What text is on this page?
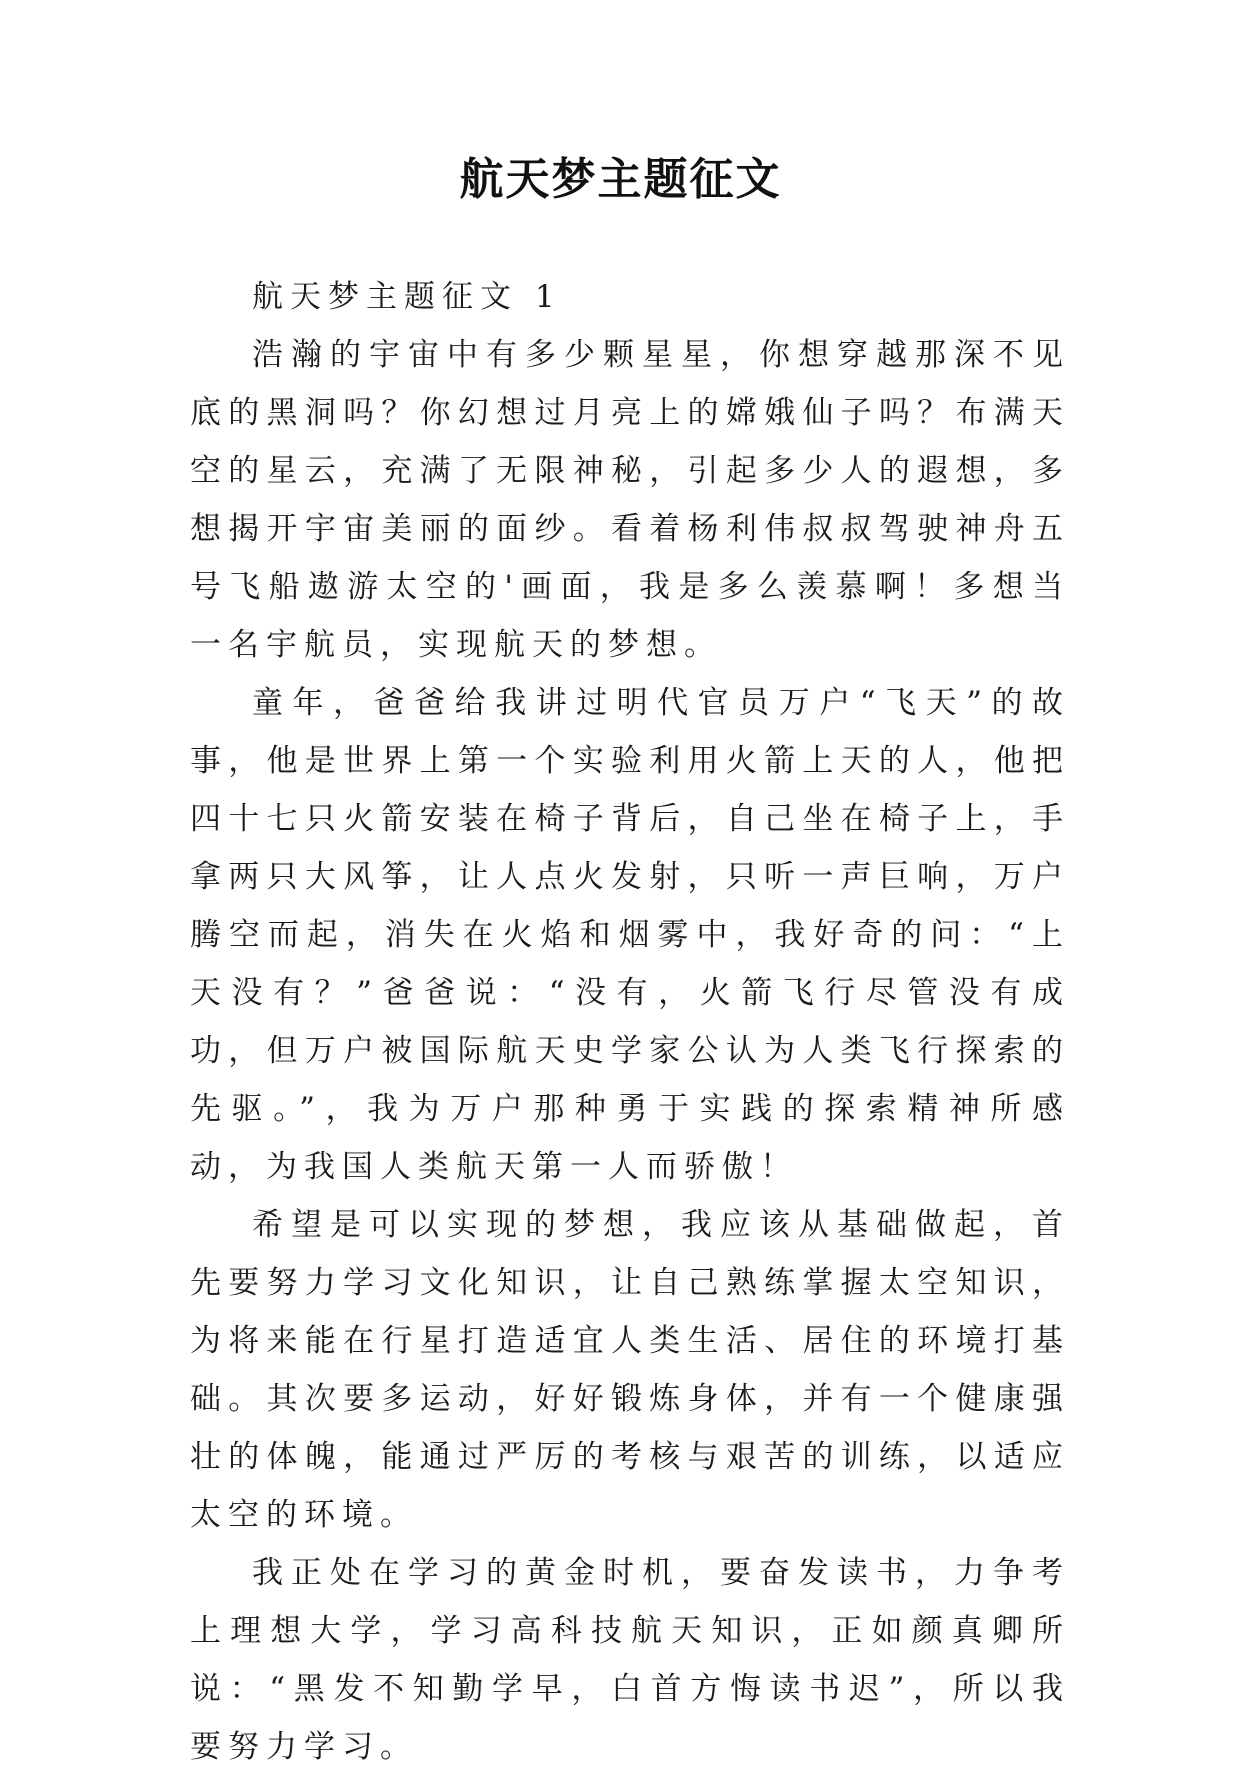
航天梦主题征文

航天梦主题征文 1

浩瀚的宇宙中有多少颗星星，你想穿越那深不见底的黑洞吗？你幻想过月亮上的嫦娥仙子吗？布满天空的星云，充满了无限神秘，引起多少人的遐想，多想揭开宇宙美丽的面纱。看着杨利伟叔叔驾驶神舟五号飞船遨游太空的'画面，我是多么羡慕啊！多想当一名宇航员，实现航天的梦想。

童年，爸爸给我讲过明代官员万户“飞天”的故事，他是世界上第一个实验利用火箭上天的人，他把四十七只火箭安装在椅子背后，自己坐在椅子上，手拿两只大风筝，让人点火发射，只听一声巨响，万户腾空而起，消失在火焰和烟雾中，我好奇的问：“上天没有？”爸爸说：“没有，火箭飞行尽管没有成功，但万户被国际航天史学家公认为人类飞行探索的先驱。”，我为万户那种勇于实践的探索精神所感动，为我国人类航天第一人而骄傲！

希望是可以实现的梦想，我应该从基础做起，首先要努力学习文化知识，让自己熟练掌握太空知识，为将来能在行星打造适宜人类生活、居住的环境打基础。其次要多运动，好好锻炼身体，并有一个健康强壮的体魄，能通过严厉的考核与艰苦的训练，以适应太空的环境。

我正处在学习的黄金时机，要奋发读书，力争考上理想大学，学习高科技航天知识，正如颜真卿所说：“黑发不知勤学早，白首方悔读书迟”，所以我要努力学习。
